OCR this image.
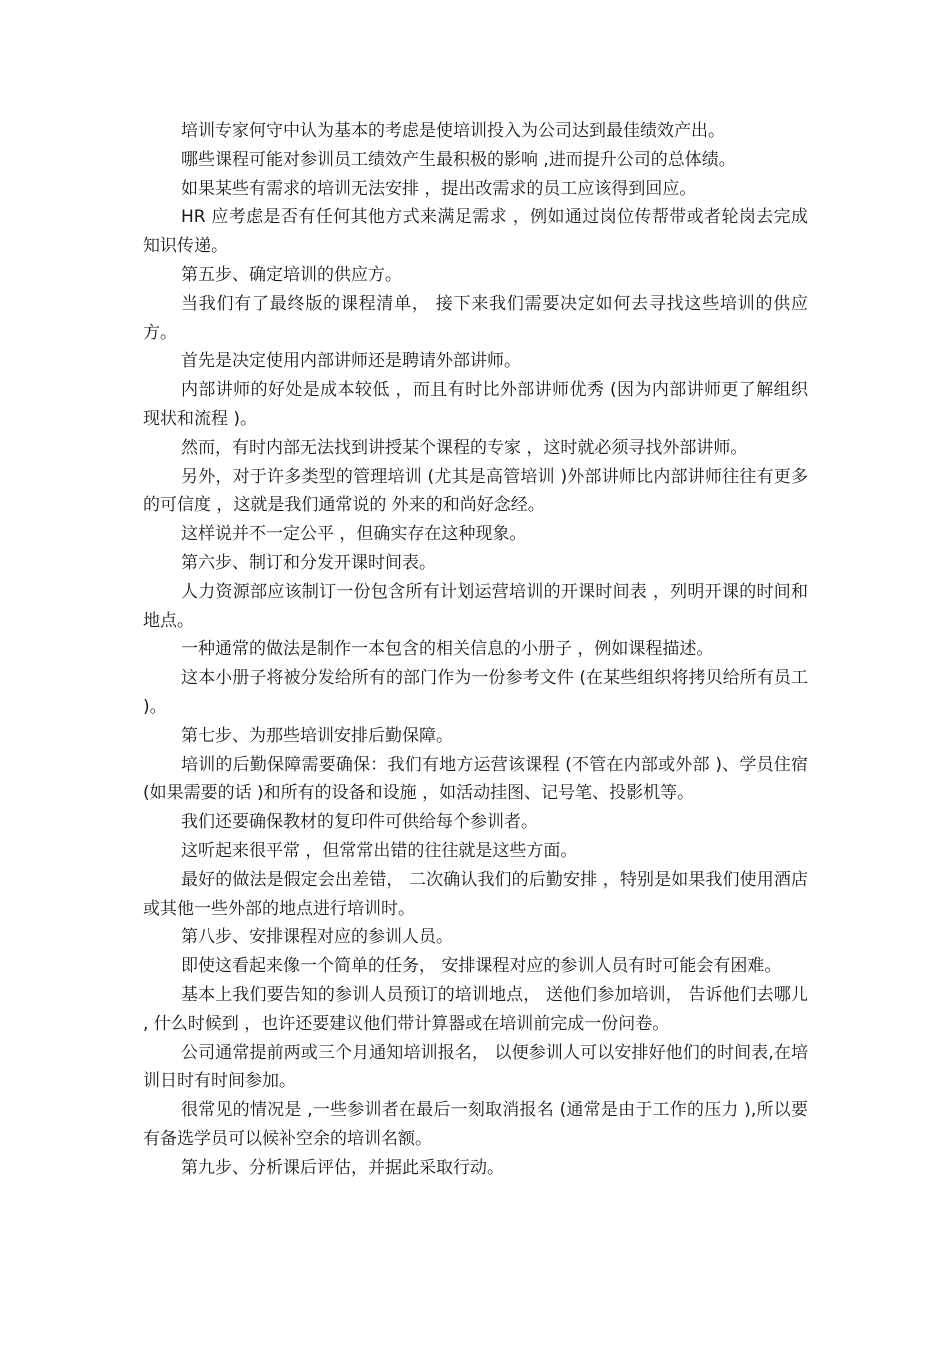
培训专家何守中认为基本的考虑是使培训投入为公司达到最佳绩效产出。

哪些课程可能对参训员工绩效产生最积极的影响 ,进而提升公司的总体绩。

如果某些有需求的培训无法安排 ，提出改需求的员工应该得到回应。

HR 应考虑是否有任何其他方式来满足需求 ，例如通过岗位传帮带或者轮岗去完成知识传递。

第五步、确定培训的供应方。

当我们有了最终版的课程清单， 接下来我们需要决定如何去寻找这些培训的供应方。

首先是决定使用内部讲师还是聘请外部讲师。

内部讲师的好处是成本较低 ，而且有时比外部讲师优秀 (因为内部讲师更了解组织现状和流程 )。

然而，有时内部无法找到讲授某个课程的专家 ，这时就必须寻找外部讲师。

另外，对于许多类型的管理培训 (尤其是高管培训 )外部讲师比内部讲师往往有更多的可信度 ，这就是我们通常说的 外来的和尚好念经。

这样说并不一定公平 ，但确实存在这种现象。

第六步、制订和分发开课时间表。

人力资源部应该制订一份包含所有计划运营培训的开课时间表 ，列明开课的时间和地点。

一种通常的做法是制作一本包含的相关信息的小册子 ，例如课程描述。

这本小册子将被分发给所有的部门作为一份参考文件 (在某些组织将拷贝给所有员工 )。

第七步、为那些培训安排后勤保障。

培训的后勤保障需要确保：我们有地方运营该课程 (不管在内部或外部 )、学员住宿 (如果需要的话 )和所有的设备和设施 ，如活动挂图、记号笔、投影机等。

我们还要确保教材的复印件可供给每个参训者。

这听起来很平常 ，但常常出错的往往就是这些方面。

最好的做法是假定会出差错， 二次确认我们的后勤安排 ，特别是如果我们使用酒店或其他一些外部的地点进行培训时。

第八步、安排课程对应的参训人员。

即使这看起来像一个简单的任务， 安排课程对应的参训人员有时可能会有困难。

基本上我们要告知的参训人员预订的培训地点， 送他们参加培训， 告诉他们去哪儿 , 什么时候到 ，也许还要建议他们带计算器或在培训前完成一份问卷。

公司通常提前两或三个月通知培训报名， 以便参训人可以安排好他们的时间表,在培训日时有时间参加。

很常见的情况是 ,一些参训者在最后一刻取消报名 (通常是由于工作的压力 ),所以要有备选学员可以候补空余的培训名额。

第九步、分析课后评估，并据此采取行动。
